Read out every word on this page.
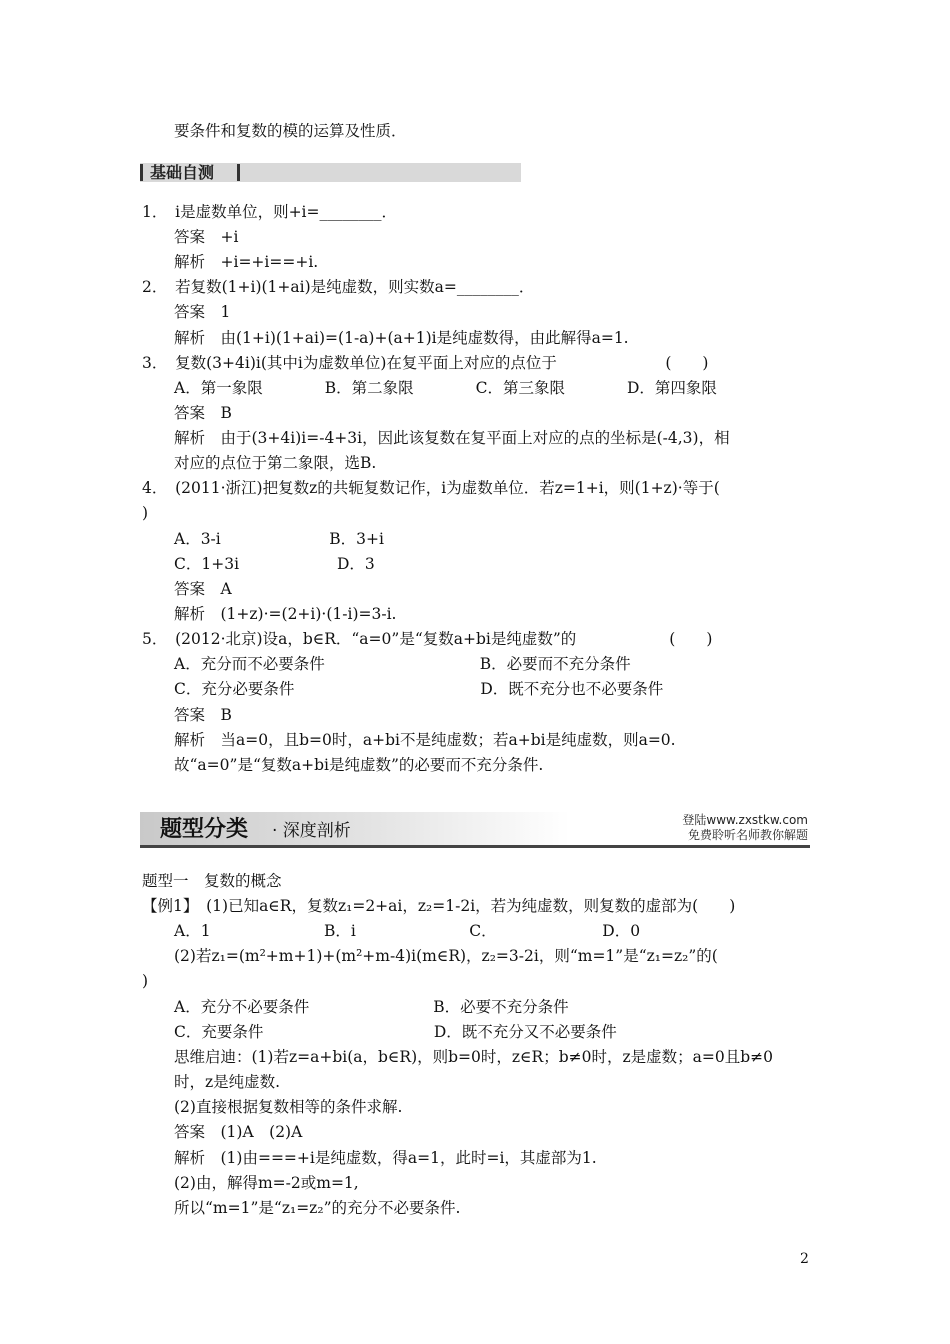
要条件和复数的模的运算及性质．
基础自测
1．　i是虚数单位，则+i=________．
答案　+i
解析　+i=+i==+i.
2．　若复数(1+i)(1+ai)是纯虚数，则实数a=________．
答案　1
解析　由(1+i)(1+ai)=(1-a)+(a+1)i是纯虚数得，由此解得a=1.
3．　复数(3+4i)i(其中i为虚数单位)在复平面上对应的点位于　　　　　　　(　　)
A．第一象限　　　　B．第二象限　　　　C．第三象限　　　　D．第四象限
答案　B
解析　由于(3+4i)i=-4+3i，因此该复数在复平面上对应的点的坐标是(-4,3)，相
对应的点位于第二象限，选B.
4．　(2011·浙江)把复数z的共轭复数记作，i为虚数单位．若z=1+i，则(1+z)·等于(
)
A．3-i　　　　　　　B．3+i
C．1+3i　　　　　　 D．3
答案　A
解析　(1+z)·=(2+i)·(1-i)=3-i.
5．　(2012·北京)设a，b∈R．“a=0”是“复数a+bi是纯虚数”的　　　　　　(　　)
A．充分而不必要条件　　　　　　　　　　B．必要而不充分条件
C．充分必要条件　　　　　　　　　　　　D．既不充分也不必要条件
答案　B
解析　当a=0，且b=0时，a+bi不是纯虚数；若a+bi是纯虚数，则a=0.
故“a=0”是“复数a+bi是纯虚数”的必要而不充分条件.
题型分类 · 深度剖析
登陆www.zxstkw.com
免费聆听名师教你解题
题型一　复数的概念
【例1】　(1)已知a∈R，复数z₁=2+ai，z₂=1-2i，若为纯虚数，则复数的虚部为(　　)
A．1　　　　　　　 B．i　　　　　　　 C．　　　　　　　 D．0
(2)若z₁=(m²+m+1)+(m²+m-4)i(m∈R)，z₂=3-2i，则“m=1”是“z₁=z₂”的(
)
A．充分不必要条件　　　　　　　　B．必要不充分条件
C．充要条件　　　　　　　　　　　D．既不充分又不必要条件
思维启迪：(1)若z=a+bi(a，b∈R)，则b=0时，z∈R；b≠0时，z是虚数；a=0且b≠0
时，z是纯虚数.
(2)直接根据复数相等的条件求解.
答案　(1)A　(2)A
解析　(1)由===+i是纯虚数，得a=1，此时=i，其虚部为1.
(2)由，解得m=-2或m=1,
所以“m=1”是“z₁=z₂”的充分不必要条件.
2
